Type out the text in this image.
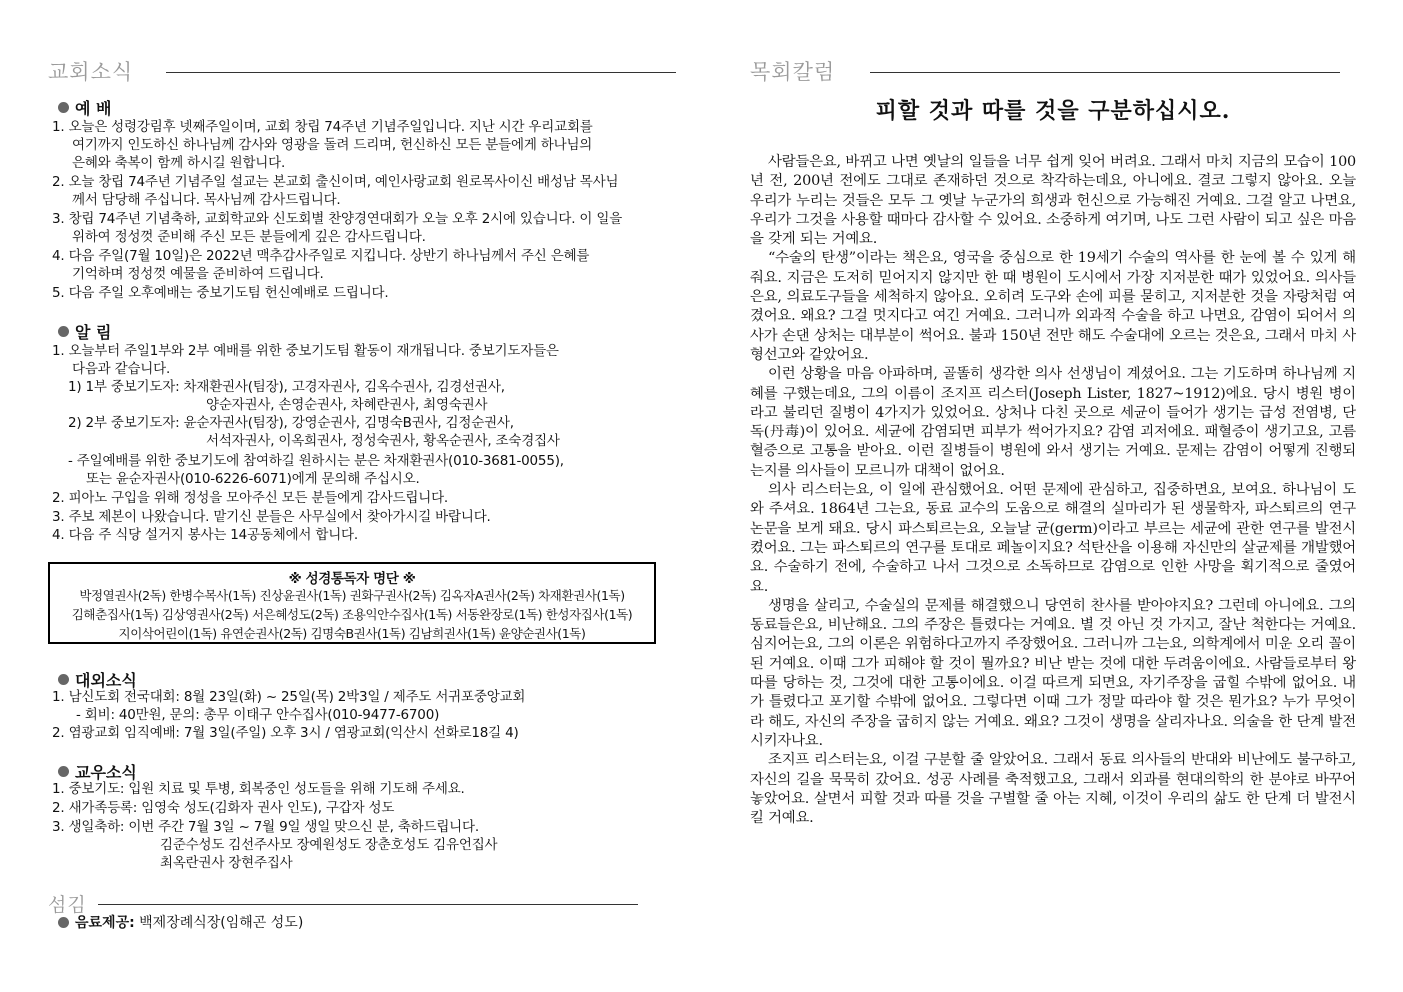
교회소식
예 배
1. 오늘은 성령강림후 넷째주일이며, 교회 창립 74주년 기념주일입니다. 지난 시간 우리교회를
여기까지 인도하신 하나님께 감사와 영광을 돌려 드리며, 헌신하신 모든 분들에게 하나님의
은혜와 축복이 함께 하시길 원합니다.
2. 오늘 창립 74주년 기념주일 설교는 본교회 출신이며, 예인사랑교회 원로목사이신 배성남 목사님
께서 담당해 주십니다. 목사님께 감사드립니다.
3. 창립 74주년 기념축하, 교회학교와 신도회별 찬양경연대회가 오늘 오후 2시에 있습니다. 이 일을
위하여 정성껏 준비해 주신 모든 분들에게 깊은 감사드립니다.
4. 다음 주일(7월 10일)은 2022년 맥추감사주일로 지킵니다. 상반기 하나님께서 주신 은혜를
기억하며 정성껏 예물을 준비하여 드립니다.
5. 다음 주일 오후예배는 중보기도팀 헌신예배로 드립니다.
알 림
1. 오늘부터 주일1부와 2부 예배를 위한 중보기도팀 활동이 재개됩니다. 중보기도자들은
다음과 같습니다.
1) 1부 중보기도자: 차재환권사(팀장), 고경자권사, 김옥수권사, 김경선권사,
양순자권사, 손영순권사, 차혜란권사, 최영숙권사
2) 2부 중보기도자: 윤순자권사(팀장), 강영순권사, 김명숙B권사, 김정순권사,
서석자권사, 이옥희권사, 정성숙권사, 황옥순권사, 조숙경집사
- 주일예배를 위한 중보기도에 참여하길 원하시는 분은 차재환권사(010-3681-0055),
또는 윤순자권사(010-6226-6071)에게 문의해 주십시오.
2. 피아노 구입을 위해 정성을 모아주신 모든 분들에게 감사드립니다.
3. 주보 제본이 나왔습니다. 맡기신 분들은 사무실에서 찾아가시길 바랍니다.
4. 다음 주 식당 설거지 봉사는 14공동체에서 합니다.
※ 성경통독자 명단 ※
박정열권사(2독) 한병수목사(1독) 진상윤권사(1독) 권화구권사(2독) 김옥자A권사(2독) 차재환권사(1독)
김해춘집사(1독) 김상영권사(2독) 서은혜성도(2독) 조용익안수집사(1독) 서동완장로(1독) 한성자집사(1독)
지이삭어린이(1독) 유연순권사(2독) 김명숙B권사(1독) 김남희권사(1독) 윤양순권사(1독)
대외소식
1. 남신도회 전국대회: 8월 23일(화) ~ 25일(목) 2박3일 / 제주도 서귀포중앙교회
- 회비: 40만원, 문의: 총무 이태구 안수집사(010-9477-6700)
2. 염광교회 임직예배: 7월 3일(주일) 오후 3시 / 염광교회(익산시 선화로18길 4)
교우소식
1. 중보기도: 입원 치료 및 투병, 회복중인 성도들을 위해 기도해 주세요.
2. 새가족등록: 임영숙 성도(김화자 권사 인도), 구갑자 성도
3. 생일축하: 이번 주간 7월 3일 ~ 7월 9일 생일 맞으신 분, 축하드립니다.
김준수성도 김선주사모 장예원성도 장춘호성도 김유언집사
최옥란권사 장현주집사
섬김
음료제공: 백제장례식장(임해곤 성도)
목회칼럼
피할 것과 따를 것을 구분하십시오.

사람들은요, 바뀌고 나면 옛날의 일들을 너무 쉽게 잊어 버려요. 그래서 마치 지금의 모습이 100년 전, 200년 전에도 그대로 존재하던 것으로 착각하는데요, 아니에요. 결코 그렇지 않아요. 오늘 우리가 누리는 것들은 모두 그 옛날 누군가의 희생과 헌신으로 가능해진 거예요. 그걸 알고 나면요, 우리가 그것을 사용할 때마다 감사할 수 있어요. 소중하게 여기며, 나도 그런 사람이 되고 싶은 마음을 갖게 되는 거예요.

“수술의 탄생”이라는 책은요, 영국을 중심으로 한 19세기 수술의 역사를 한 눈에 볼 수 있게 해줘요. 지금은 도저히 믿어지지 않지만 한 때 병원이 도시에서 가장 지저분한 때가 있었어요. 의사들은요, 의료도구들을 세척하지 않아요. 오히려 도구와 손에 피를 묻히고, 지저분한 것을 자랑처럼 여겼어요. 왜요? 그걸 멋지다고 여긴 거예요. 그러니까 외과적 수술을 하고 나면요, 감염이 되어서 의사가 손댄 상처는 대부분이 썩어요. 불과 150년 전만 해도 수술대에 오르는 것은요, 그래서 마치 사형선고와 같았어요.

이런 상황을 마음 아파하며, 골똘히 생각한 의사 선생님이 계셨어요. 그는 기도하며 하나님께 지혜를 구했는데요, 그의 이름이 조지프 리스터(Joseph Lister, 1827~1912)에요. 당시 병원 병이라고 불리던 질병이 4가지가 있었어요. 상처나 다친 곳으로 세균이 들어가 생기는 급성 전염병, 단독(丹毒)이 있어요. 세균에 감염되면 피부가 썩어가지요? 감염 괴저에요. 패혈증이 생기고요, 고름혈증으로 고통을 받아요. 이런 질병들이 병원에 와서 생기는 거예요. 문제는 감염이 어떻게 진행되는지를 의사들이 모르니까 대책이 없어요.

의사 리스터는요, 이 일에 관심했어요. 어떤 문제에 관심하고, 집중하면요, 보여요. 하나님이 도와 주셔요. 1864년 그는요, 동료 교수의 도움으로 해결의 실마리가 된 생물학자, 파스퇴르의 연구 논문을 보게 돼요. 당시 파스퇴르는요, 오늘날 균(germ)이라고 부르는 세균에 관한 연구를 발전시켰어요. 그는 파스퇴르의 연구를 토대로 페놀이지요? 석탄산을 이용해 자신만의 살균제를 개발했어요. 수술하기 전에, 수술하고 나서 그것으로 소독하므로 감염으로 인한 사망을 획기적으로 줄였어요.

생명을 살리고, 수술실의 문제를 해결했으니 당연히 찬사를 받아야지요? 그런데 아니에요. 그의 동료들은요, 비난해요. 그의 주장은 틀렸다는 거예요. 별 것 아닌 것 가지고, 잘난 척한다는 거예요. 심지어는요, 그의 이론은 위험하다고까지 주장했어요. 그러니까 그는요, 의학계에서 미운 오리 꼴이 된 거예요. 이때 그가 피해야 할 것이 뭘까요? 비난 받는 것에 대한 두려움이에요. 사람들로부터 왕따를 당하는 것, 그것에 대한 고통이에요. 이걸 따르게 되면요, 자기주장을 굽힐 수밖에 없어요. 내가 틀렸다고 포기할 수밖에 없어요. 그렇다면 이때 그가 정말 따라야 할 것은 뭔가요? 누가 무엇이라 해도, 자신의 주장을 굽히지 않는 거예요. 왜요? 그것이 생명을 살리자나요. 의술을 한 단계 발전시키자나요.

조지프 리스터는요, 이걸 구분할 줄 알았어요. 그래서 동료 의사들의 반대와 비난에도 불구하고, 자신의 길을 묵묵히 갔어요. 성공 사례를 축적했고요, 그래서 외과를 현대의학의 한 분야로 바꾸어 놓았어요. 살면서 피할 것과 따를 것을 구별할 줄 아는 지혜, 이것이 우리의 삶도 한 단계 더 발전시킬 거예요.
